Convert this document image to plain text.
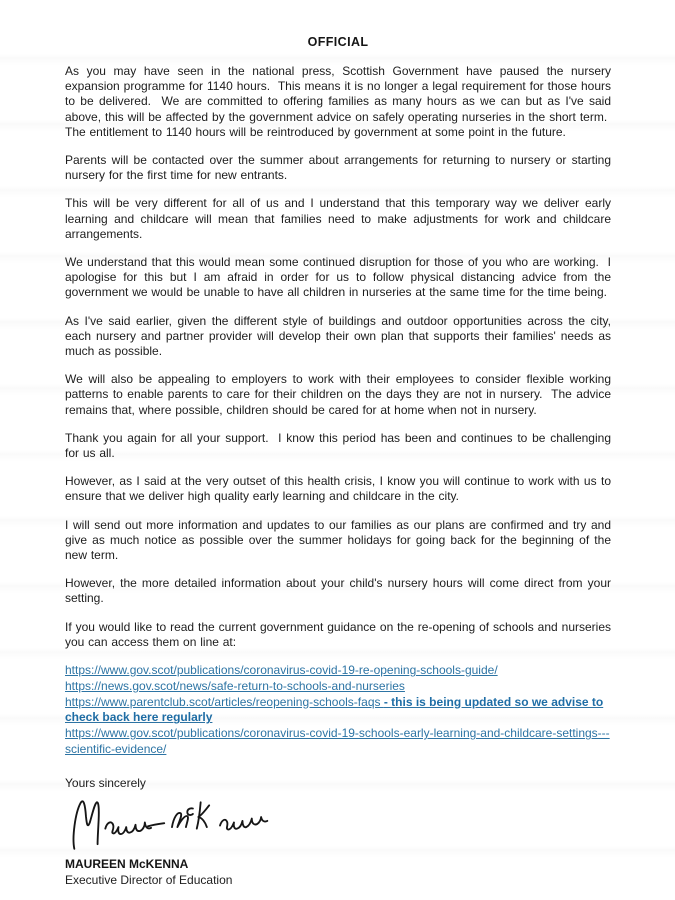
OFFICIAL

As you may have seen in the national press, Scottish Government have paused the nursery expansion programme for 1140 hours.  This means it is no longer a legal requirement for those hours to be delivered.  We are committed to offering families as many hours as we can but as I've said above, this will be affected by the government advice on safely operating nurseries in the short term.  The entitlement to 1140 hours will be reintroduced by government at some point in the future.

Parents will be contacted over the summer about arrangements for returning to nursery or starting nursery for the first time for new entrants.

This will be very different for all of us and I understand that this temporary way we deliver early learning and childcare will mean that families need to make adjustments for work and childcare arrangements.

We understand that this would mean some continued disruption for those of you who are working.  I apologise for this but I am afraid in order for us to follow physical distancing advice from the government we would be unable to have all children in nurseries at the same time for the time being.

As I've said earlier, given the different style of buildings and outdoor opportunities across the city, each nursery and partner provider will develop their own plan that supports their families' needs as much as possible.

We will also be appealing to employers to work with their employees to consider flexible working patterns to enable parents to care for their children on the days they are not in nursery.  The advice remains that, where possible, children should be cared for at home when not in nursery.

Thank you again for all your support.  I know this period has been and continues to be challenging for us all.

However, as I said at the very outset of this health crisis, I know you will continue to work with us to ensure that we deliver high quality early learning and childcare in the city.

I will send out more information and updates to our families as our plans are confirmed and try and give as much notice as possible over the summer holidays for going back for the beginning of the new term.

However, the more detailed information about your child's nursery hours will come direct from your setting.

If you would like to read the current government guidance on the re-opening of schools and nurseries you can access them on line at:

https://www.gov.scot/publications/coronavirus-covid-19-re-opening-schools-guide/
https://news.gov.scot/news/safe-return-to-schools-and-nurseries
https://www.parentclub.scot/articles/reopening-schools-faqs - this is being updated so we advise to check back here regularly
https://www.gov.scot/publications/coronavirus-covid-19-schools-early-learning-and-childcare-settings---scientific-evidence/

Yours sincerely

MAUREEN McKENNA
Executive Director of Education
